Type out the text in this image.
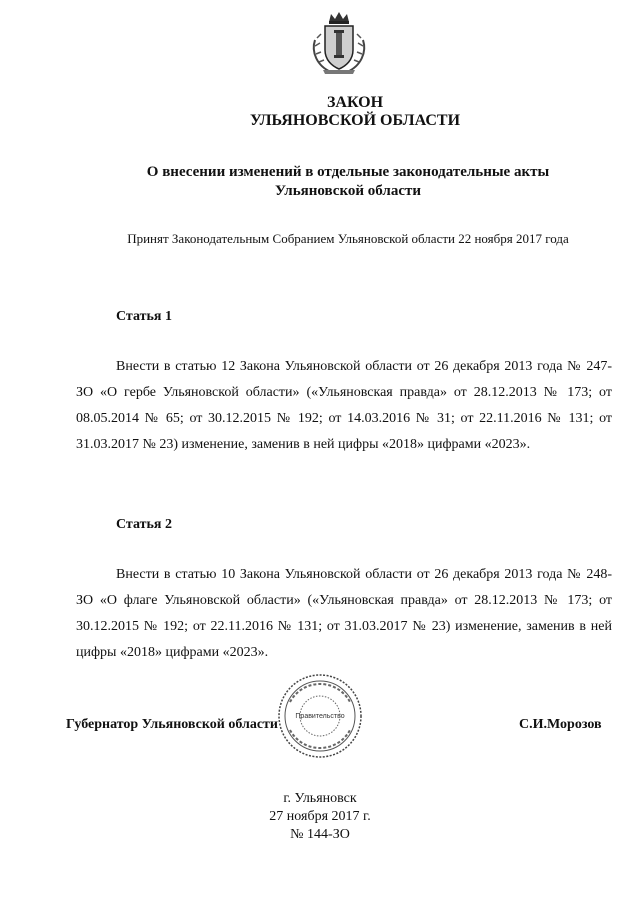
ЗАКОН
УЛЬЯНОВСКОЙ ОБЛАСТИ
О внесении изменений в отдельные законодательные акты
Ульяновской области
Принят Законодательным Собранием Ульяновской области 22 ноября 2017 года
Статья 1

Внести в статью 12 Закона Ульяновской области от 26 декабря 2013 года № 247-ЗО «О гербе Ульяновской области» («Ульяновская правда» от 28.12.2013 № 173; от 08.05.2014 № 65; от 30.12.2015 № 192; от 14.03.2016 № 31; от 22.11.2016 № 131; от 31.03.2017 № 23) изменение, заменив в ней цифры «2018» цифрами «2023».

Статья 2

Внести в статью 10 Закона Ульяновской области от 26 декабря 2013 года № 248-ЗО «О флаге Ульяновской области» («Ульяновская правда» от 28.12.2013 № 173; от 30.12.2015 № 192; от 22.11.2016 № 131; от 31.03.2017 № 23) изменение, заменив в ней цифры «2018» цифрами «2023».

Правительство
Губернатор Ульяновской области	С.И.Морозов
г. Ульяновск
27 ноября 2017 г.
№ 144-ЗО
